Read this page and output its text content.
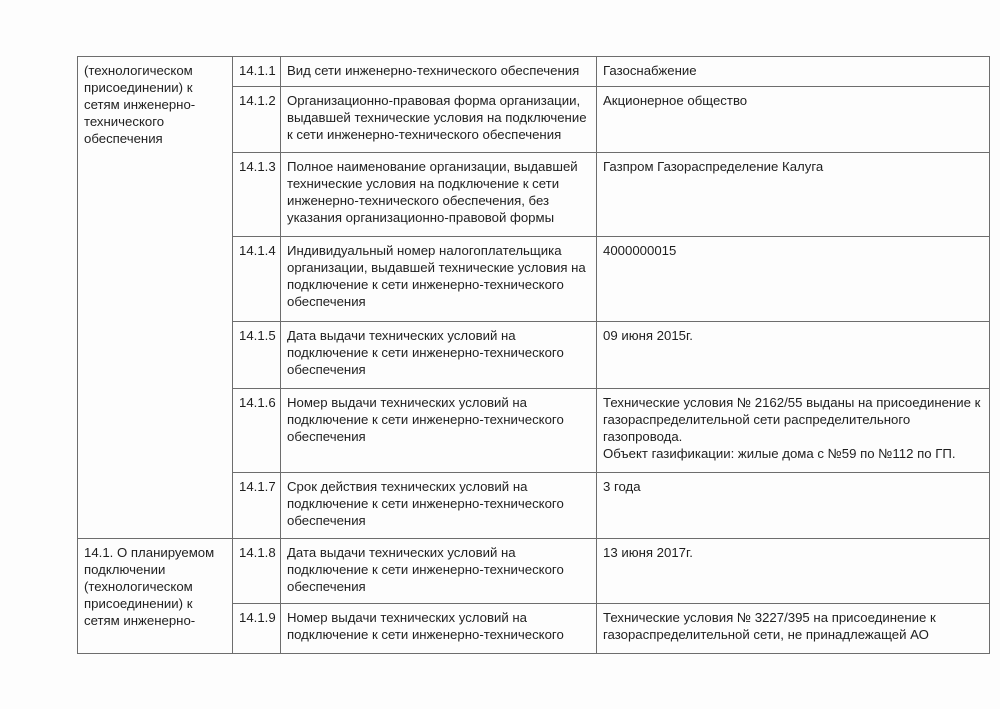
(технологическом
присоединении) к
сетям инженерно-
технического
обеспечения	14.1.1	Вид сети инженерно-технического обеспечения	Газоснабжение

	14.1.2	Организационно-правовая форма организации, выдавшей технические условия на подключение к сети инженерно-технического обеспечения	Акционерное общество

	14.1.3	Полное наименование организации, выдавшей технические условия на подключение к сети инженерно-технического обеспечения, без указания организационно-правовой формы	Газпром Газораспределение Калуга

	14.1.4	Индивидуальный номер налогоплательщика организации, выдавшей технические условия на подключение к сети инженерно-технического обеспечения	4000000015

	14.1.5	Дата выдачи технических условий на подключение к сети инженерно-технического обеспечения	09 июня 2015г.

	14.1.6	Номер выдачи технических условий на подключение к сети инженерно-технического обеспечения	Технические условия № 2162/55 выданы на присоединение к газораспределительной сети распределительного газопровода.
Объект газификации: жилые дома с №59 по №112 по ГП.

	14.1.7	Срок действия технических условий на подключение к сети инженерно-технического обеспечения	3 года

14.1. О планируемом
подключении
(технологическом
присоединении) к
сетям инженерно-	14.1.8	Дата выдачи технических условий на подключение к сети инженерно-технического обеспечения	13 июня 2017г.

	14.1.9	Номер выдачи технических условий на подключение к сети инженерно-технического	Технические условия № 3227/395 на присоединение к газораспределительной сети, не принадлежащей АО
